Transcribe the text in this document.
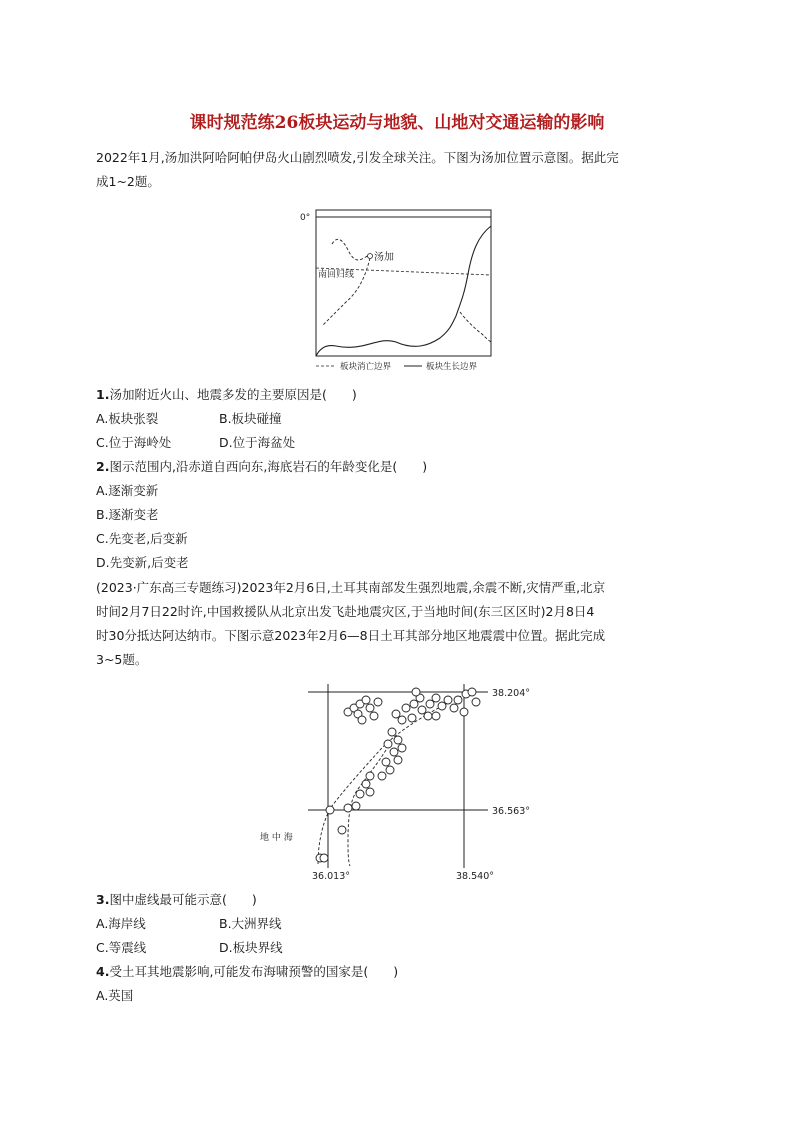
课时规范练26板块运动与地貌、山地对交通运输的影响
2022年1月,汤加洪阿哈阿帕伊岛火山剧烈喷发,引发全球关注。下图为汤加位置示意图。据此完
成1~2题。
0°
南回归线
汤加
板块消亡边界	板块生长边界
1.汤加附近火山、地震多发的主要原因是(　　)
A.板块张裂	B.板块碰撞
C.位于海岭处	D.位于海盆处
2.图示范围内,沿赤道自西向东,海底岩石的年龄变化是(　　)
A.逐渐变新
B.逐渐变老
C.先变老,后变新
D.先变新,后变老
(2023·广东高三专题练习)2023年2月6日,土耳其南部发生强烈地震,余震不断,灾情严重,北京
时间2月7日22时许,中国救援队从北京出发飞赴地震灾区,于当地时间(东三区区时)2月8日4
时30分抵达阿达纳市。下图示意2023年2月6—8日土耳其部分地区地震震中位置。据此完成
3~5题。
38.204°
36.563°
36.013°	38.540°
地 中 海
3.图中虚线最可能示意(　　)
A.海岸线	B.大洲界线
C.等震线	D.板块界线
4.受土耳其地震影响,可能发布海啸预警的国家是(　　)
A.英国
